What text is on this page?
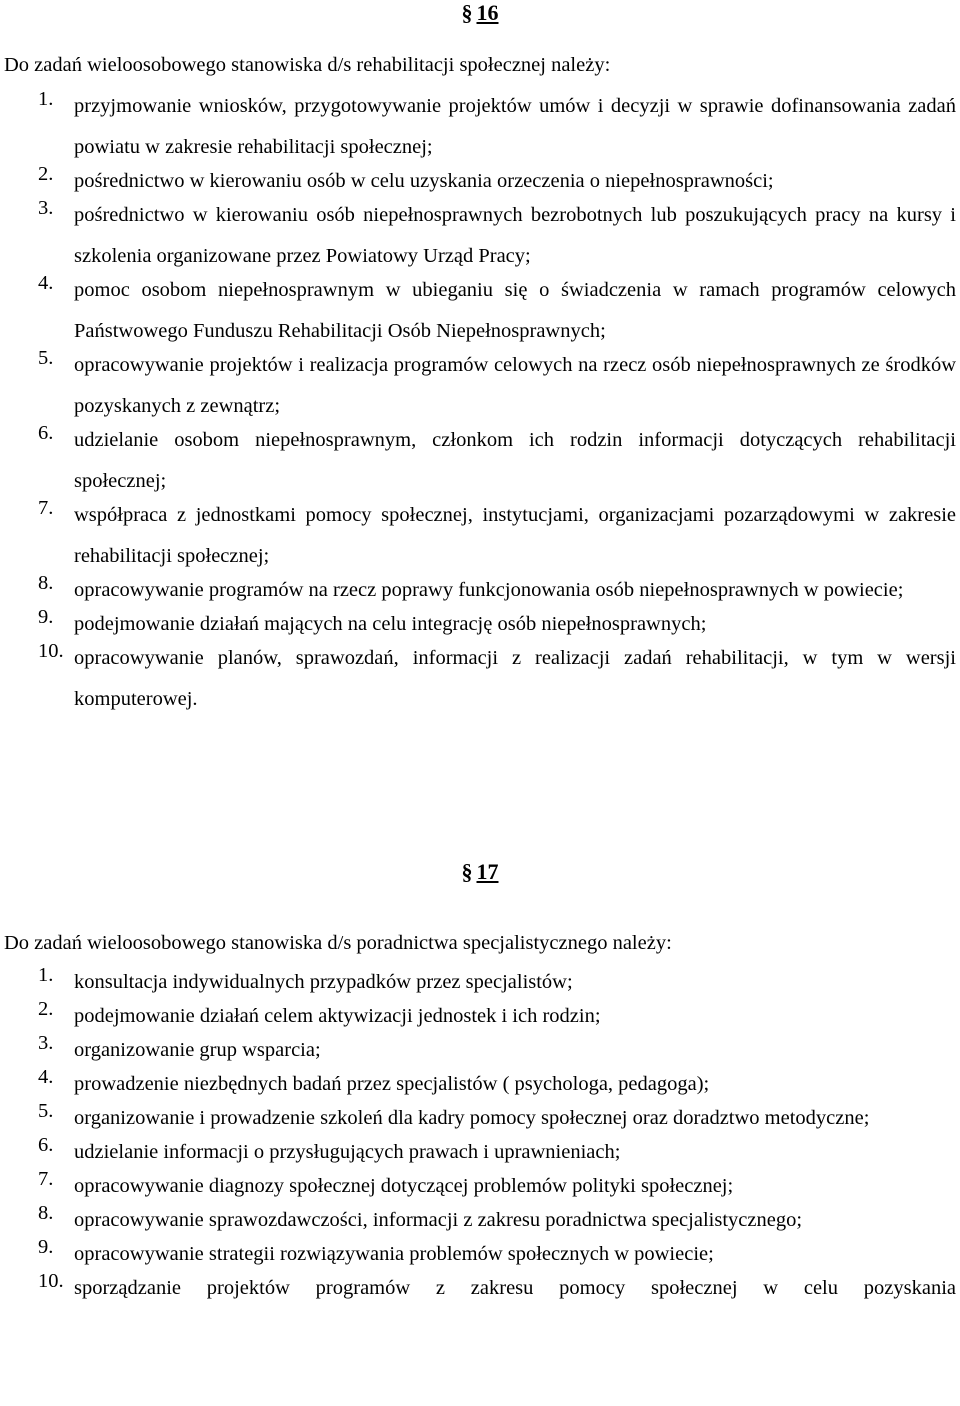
§ 16
Do zadań wieloosobowego stanowiska d/s rehabilitacji społecznej należy:
1. przyjmowanie wniosków, przygotowywanie projektów umów i decyzji w sprawie dofinansowania zadań powiatu w zakresie rehabilitacji społecznej;
2. pośrednictwo w kierowaniu osób w celu uzyskania orzeczenia o niepełnosprawności;
3. pośrednictwo w kierowaniu osób niepełnosprawnych bezrobotnych lub poszukujących pracy na kursy i szkolenia organizowane przez Powiatowy Urząd Pracy;
4. pomoc osobom niepełnosprawnym w ubieganiu się o świadczenia w ramach programów celowych Państwowego Funduszu Rehabilitacji Osób Niepełnosprawnych;
5. opracowywanie projektów i realizacja programów celowych na rzecz osób niepełnosprawnych ze środków pozyskanych z zewnątrz;
6. udzielanie osobom niepełnosprawnym, członkom ich rodzin informacji dotyczących rehabilitacji społecznej;
7. współpraca z jednostkami pomocy społecznej, instytucjami, organizacjami pozarządowymi w zakresie rehabilitacji społecznej;
8. opracowywanie programów na rzecz poprawy funkcjonowania osób niepełnosprawnych w powiecie;
9. podejmowanie działań mających na celu integrację osób niepełnosprawnych;
10. opracowywanie planów, sprawozdań, informacji z realizacji zadań rehabilitacji, w tym w wersji komputerowej.
§ 17
Do zadań wieloosobowego stanowiska d/s poradnictwa specjalistycznego należy:
1. konsultacja indywidualnych przypadków przez specjalistów;
2. podejmowanie działań celem aktywizacji jednostek i ich rodzin;
3. organizowanie grup wsparcia;
4. prowadzenie niezbędnych badań przez specjalistów ( psychologa, pedagoga);
5. organizowanie i prowadzenie szkoleń dla kadry pomocy społecznej oraz doradztwo metodyczne;
6. udzielanie informacji o przysługujących prawach i uprawnieniach;
7. opracowywanie diagnozy społecznej dotyczącej problemów polityki społecznej;
8. opracowywanie sprawozdawczości, informacji z zakresu poradnictwa specjalistycznego;
9. opracowywanie strategii rozwiązywania problemów społecznych w powiecie;
10. sporządzanie projektów programów z zakresu pomocy społecznej w celu pozyskania
